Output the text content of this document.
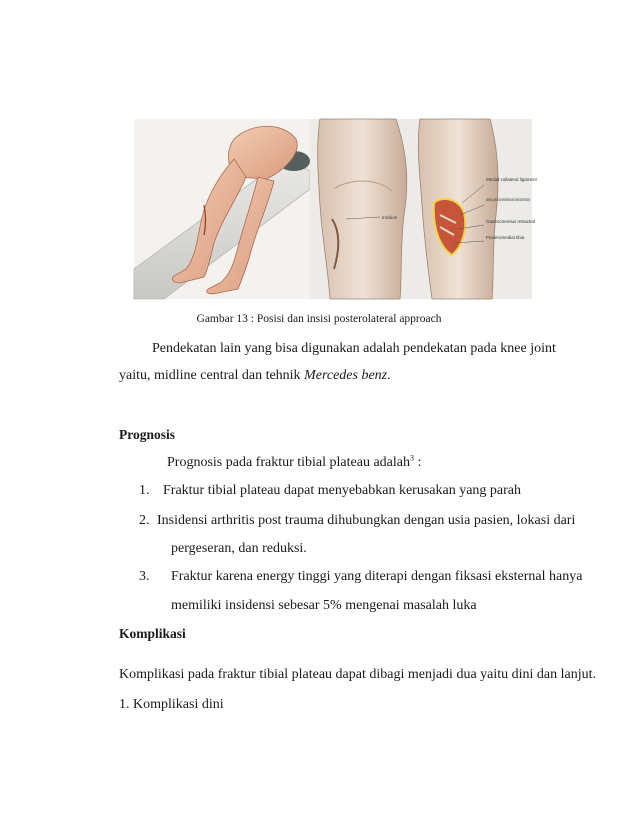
Incision
Medial collateral ligament
Sartorius, gracilis and semitendinosus (hooked and retracted)
Gastrocnemius retracted
Posteromedial tibia
Gambar 13 : Posisi dan insisi posterolateral approach
Pendekatan lain yang bisa digunakan adalah pendekatan pada knee joint
yaitu, midline central dan tehnik Mercedes benz.
Prognosis
Prognosis pada fraktur tibial plateau adalah$^3$ :
1. Fraktur tibial plateau dapat menyebabkan kerusakan yang parah
2. Insidensi arthritis post trauma dihubungkan dengan usia pasien, lokasi dari
pergeseran, dan reduksi.
3. Fraktur karena energy tinggi yang diterapi dengan fiksasi eksternal hanya
memiliki insidensi sebesar 5% mengenai masalah luka
Komplikasi
Komplikasi pada fraktur tibial plateau dapat dibagi menjadi dua yaitu dini dan lanjut.
1. Komplikasi dini
